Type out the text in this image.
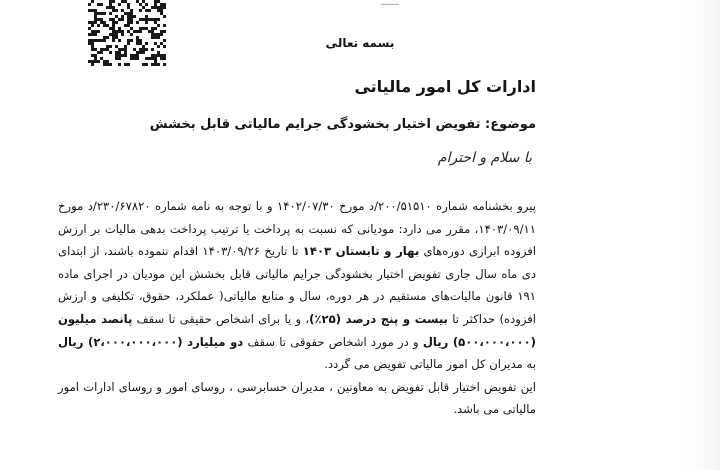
ـــــ
بسمه تعالی
ادارات کل امور مالیاتی
موضوع: تفویض اختیار بخشودگی جرایم مالیاتی قابل بخشش
با سلام و احترام

پیرو بخشنامه شماره ۲۰۰/۵۱۵۱۰/د مورخ ۱۴۰۲/۰۷/۳۰ و با توجه به نامه شماره ۲۳۰/۶۷۸۲۰/د مورخ ۱۴۰۳/۰۹/۱۱، مقرر می دارد: مودیانی که نسبت به پرداخت یا ترتیب پرداخت بدهی مالیات بر ارزش افزوده ابرازی دوره‌های بهار و تابستان ۱۴۰۳ تا تاریخ ۱۴۰۳/۰۹/۲۶ اقدام ننموده باشند، از ابتدای دی ماه سال جاری تفویض اختیار بخشودگی جرایم مالیاتی قابل بخشش این مودیان در اجرای ماده ۱۹۱ قانون مالیات‌های مستقیم در هر دوره، سال و منابع مالیاتی( عملکرد، حقوق، تکلیفی و ارزش افزوده) حداکثر تا بیست و پنج درصد (۲۵٪)، و یا برای اشخاص حقیقی تا سقف پانصد میلیون (۵۰۰،۰۰۰،۰۰۰) ریال و در مورد اشخاص حقوقی تا سقف دو میلیارد (۲،۰۰۰،۰۰۰،۰۰۰) ریال به مدیران کل امور مالیاتی تفویض می گردد.

این تفویض اختیار قابل تفویض به معاونین ، مدیران حسابرسی ، روسای امور و روسای ادارات امور مالیاتی می باشد.
